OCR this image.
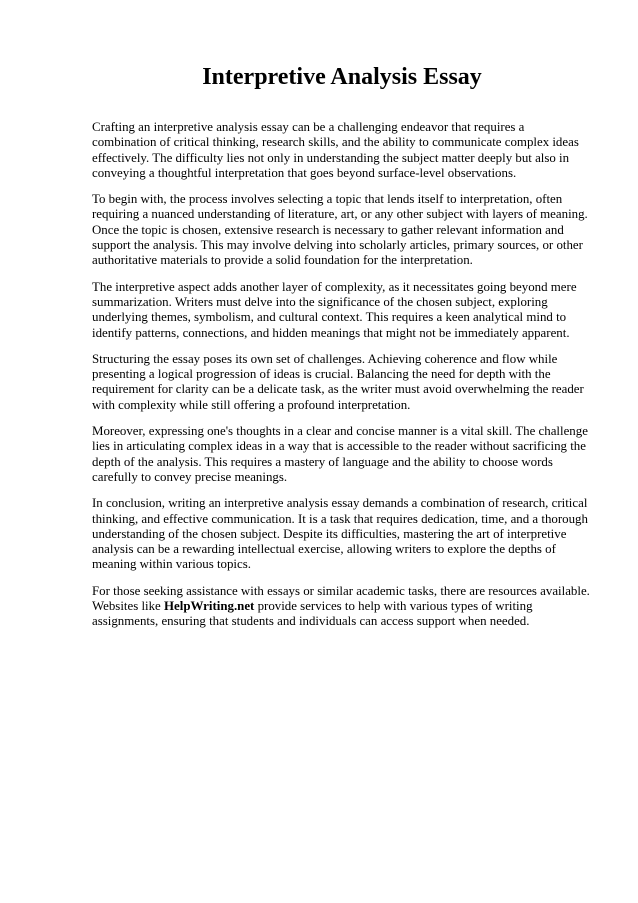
Interpretive Analysis Essay

Crafting an interpretive analysis essay can be a challenging endeavor that requires a combination of critical thinking, research skills, and the ability to communicate complex ideas effectively. The difficulty lies not only in understanding the subject matter deeply but also in conveying a thoughtful interpretation that goes beyond surface-level observations.

To begin with, the process involves selecting a topic that lends itself to interpretation, often requiring a nuanced understanding of literature, art, or any other subject with layers of meaning. Once the topic is chosen, extensive research is necessary to gather relevant information and support the analysis. This may involve delving into scholarly articles, primary sources, or other authoritative materials to provide a solid foundation for the interpretation.

The interpretive aspect adds another layer of complexity, as it necessitates going beyond mere summarization. Writers must delve into the significance of the chosen subject, exploring underlying themes, symbolism, and cultural context. This requires a keen analytical mind to identify patterns, connections, and hidden meanings that might not be immediately apparent.

Structuring the essay poses its own set of challenges. Achieving coherence and flow while presenting a logical progression of ideas is crucial. Balancing the need for depth with the requirement for clarity can be a delicate task, as the writer must avoid overwhelming the reader with complexity while still offering a profound interpretation.

Moreover, expressing one's thoughts in a clear and concise manner is a vital skill. The challenge lies in articulating complex ideas in a way that is accessible to the reader without sacrificing the depth of the analysis. This requires a mastery of language and the ability to choose words carefully to convey precise meanings.

In conclusion, writing an interpretive analysis essay demands a combination of research, critical thinking, and effective communication. It is a task that requires dedication, time, and a thorough understanding of the chosen subject. Despite its difficulties, mastering the art of interpretive analysis can be a rewarding intellectual exercise, allowing writers to explore the depths of meaning within various topics.

For those seeking assistance with essays or similar academic tasks, there are resources available. Websites like HelpWriting.net provide services to help with various types of writing assignments, ensuring that students and individuals can access support when needed.
